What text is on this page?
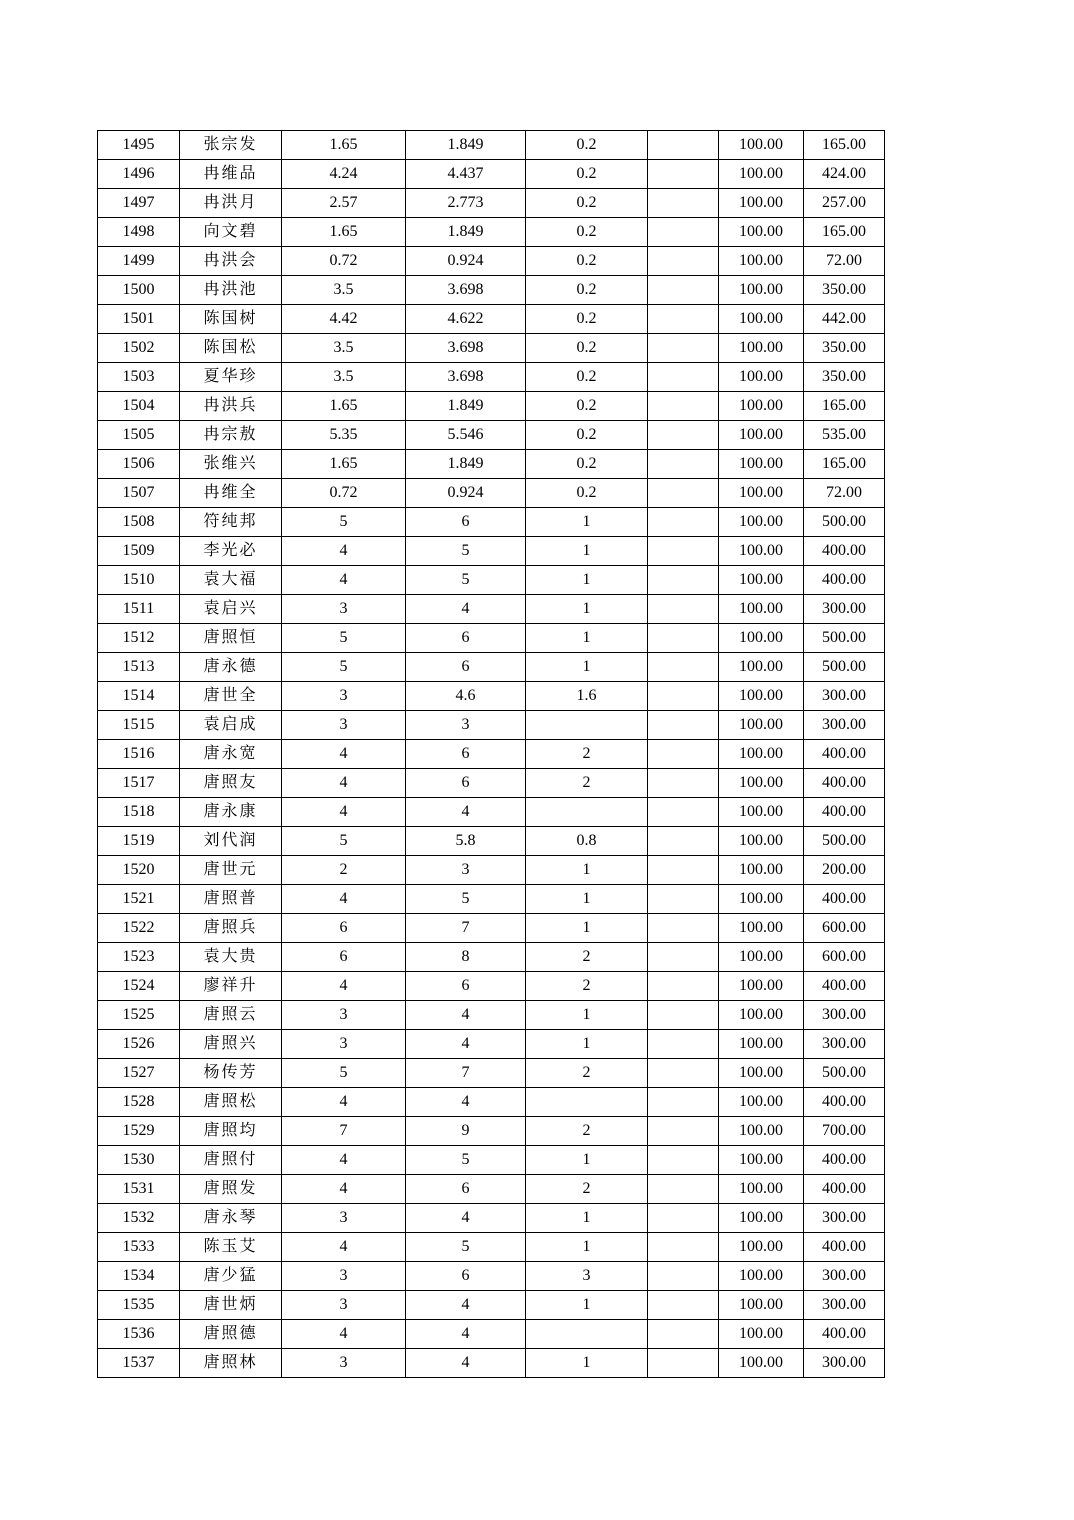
1495	张宗发	1.65	1.849	0.2		100.00	165.00
1496	冉维品	4.24	4.437	0.2		100.00	424.00
1497	冉洪月	2.57	2.773	0.2		100.00	257.00
1498	向文碧	1.65	1.849	0.2		100.00	165.00
1499	冉洪会	0.72	0.924	0.2		100.00	72.00
1500	冉洪池	3.5	3.698	0.2		100.00	350.00
1501	陈国树	4.42	4.622	0.2		100.00	442.00
1502	陈国松	3.5	3.698	0.2		100.00	350.00
1503	夏华珍	3.5	3.698	0.2		100.00	350.00
1504	冉洪兵	1.65	1.849	0.2		100.00	165.00
1505	冉宗敖	5.35	5.546	0.2		100.00	535.00
1506	张维兴	1.65	1.849	0.2		100.00	165.00
1507	冉维全	0.72	0.924	0.2		100.00	72.00
1508	符纯邦	5	6	1		100.00	500.00
1509	李光必	4	5	1		100.00	400.00
1510	袁大福	4	5	1		100.00	400.00
1511	袁启兴	3	4	1		100.00	300.00
1512	唐照恒	5	6	1		100.00	500.00
1513	唐永德	5	6	1		100.00	500.00
1514	唐世全	3	4.6	1.6		100.00	300.00
1515	袁启成	3	3			100.00	300.00
1516	唐永宽	4	6	2		100.00	400.00
1517	唐照友	4	6	2		100.00	400.00
1518	唐永康	4	4			100.00	400.00
1519	刘代润	5	5.8	0.8		100.00	500.00
1520	唐世元	2	3	1		100.00	200.00
1521	唐照普	4	5	1		100.00	400.00
1522	唐照兵	6	7	1		100.00	600.00
1523	袁大贵	6	8	2		100.00	600.00
1524	廖祥升	4	6	2		100.00	400.00
1525	唐照云	3	4	1		100.00	300.00
1526	唐照兴	3	4	1		100.00	300.00
1527	杨传芳	5	7	2		100.00	500.00
1528	唐照松	4	4			100.00	400.00
1529	唐照均	7	9	2		100.00	700.00
1530	唐照付	4	5	1		100.00	400.00
1531	唐照发	4	6	2		100.00	400.00
1532	唐永琴	3	4	1		100.00	300.00
1533	陈玉艾	4	5	1		100.00	400.00
1534	唐少猛	3	6	3		100.00	300.00
1535	唐世炳	3	4	1		100.00	300.00
1536	唐照德	4	4			100.00	400.00
1537	唐照林	3	4	1		100.00	300.00
